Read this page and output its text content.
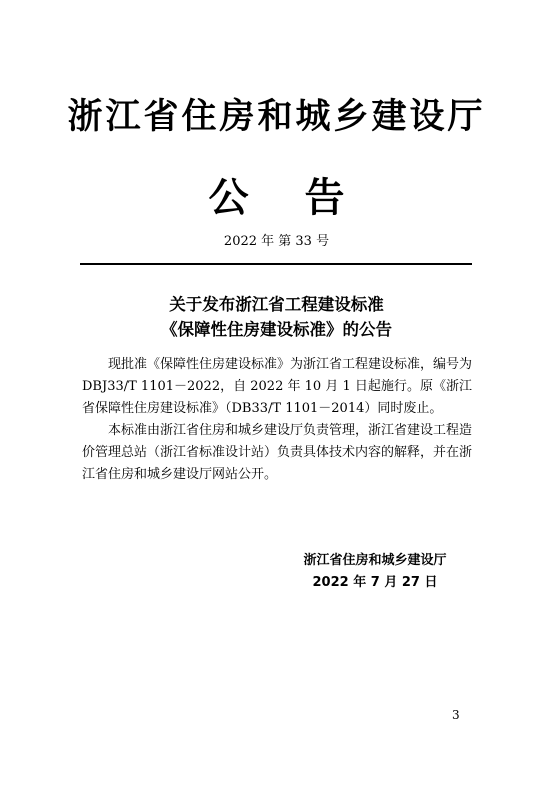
浙江省住房和城乡建设厅
公 告
2022 年 第 33 号
关于发布浙江省工程建设标准
《保障性住房建设标准》的公告

现批准《保障性住房建设标准》为浙江省工程建设标准，编号为 DBJ33/T 1101－2022，自 2022 年 10 月 1 日起施行。原《浙江省保障性住房建设标准》（DB33/T 1101－2014）同时废止。

本标准由浙江省住房和城乡建设厅负责管理，浙江省建设工程造价管理总站（浙江省标准设计站）负责具体技术内容的解释，并在浙江省住房和城乡建设厅网站公开。

浙江省住房和城乡建设厅
2022 年 7 月 27 日
3
